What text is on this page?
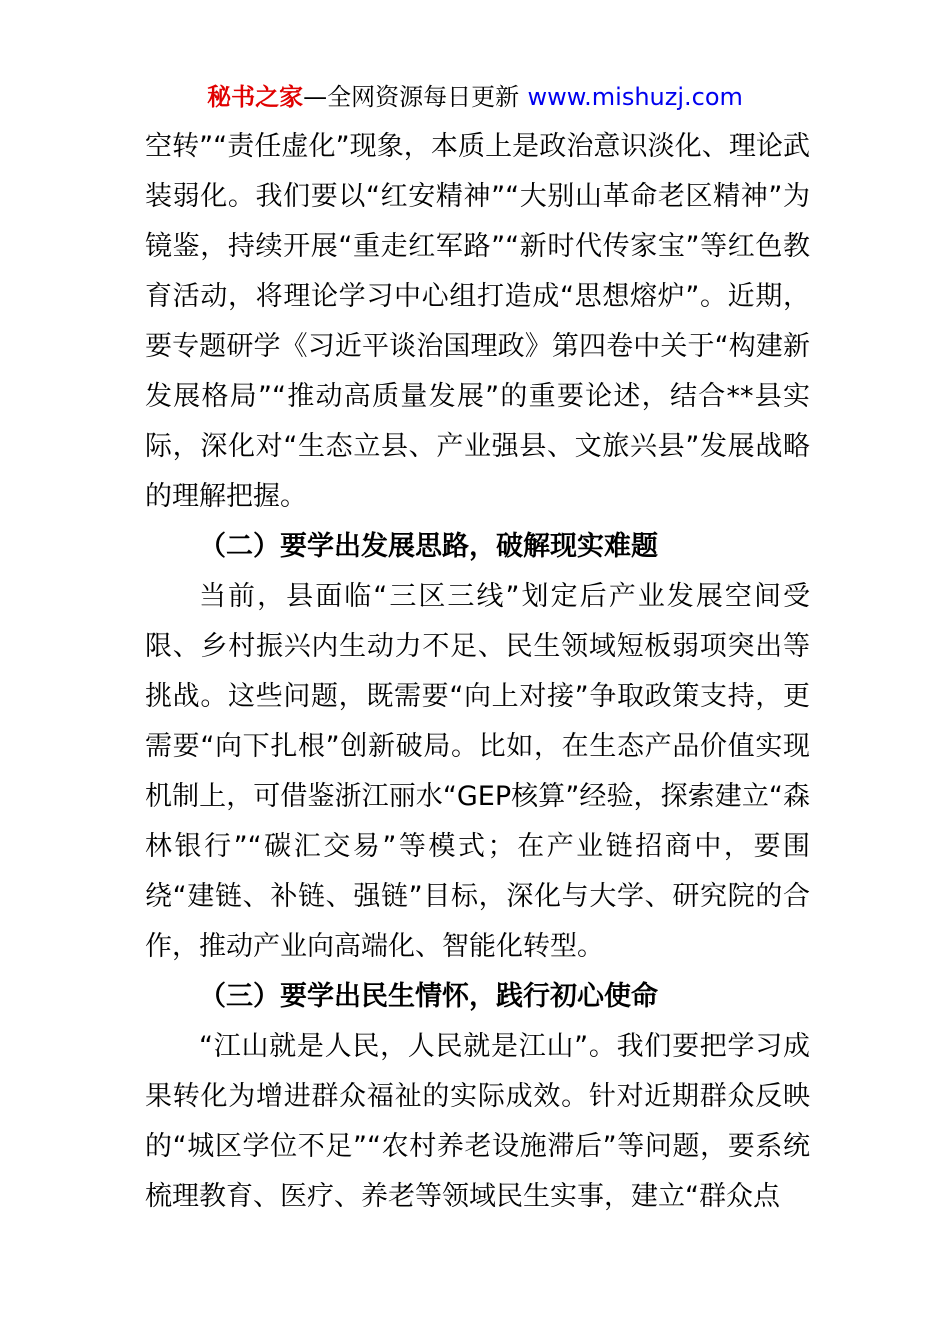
秘书之家—全网资源每日更新 www.mishuzj.com

空转”“责任虚化”现象，本质上是政治意识淡化、理论武装弱化。我们要以“红安精神”“大别山革命老区精神”为镜鉴，持续开展“重走红军路”“新时代传家宝”等红色教育活动，将理论学习中心组打造成“思想熔炉”。近期，要专题研学《习近平谈治国理政》第四卷中关于“构建新发展格局”“推动高质量发展”的重要论述，结合**县实际，深化对“生态立县、产业强县、文旅兴县”发展战略的理解把握。

（二）要学出发展思路，破解现实难题

当前，县面临“三区三线”划定后产业发展空间受限、乡村振兴内生动力不足、民生领域短板弱项突出等挑战。这些问题，既需要“向上对接”争取政策支持，更需要“向下扎根”创新破局。比如，在生态产品价值实现机制上，可借鉴浙江丽水“GEP核算”经验，探索建立“森林银行”“碳汇交易”等模式；在产业链招商中，要围绕“建链、补链、强链”目标，深化与大学、研究院的合作，推动产业向高端化、智能化转型。

（三）要学出民生情怀，践行初心使命

“江山就是人民，人民就是江山”。我们要把学习成果转化为增进群众福祉的实际成效。针对近期群众反映的“城区学位不足”“农村养老设施滞后”等问题，要系统梳理教育、医疗、养老等领域民生实事，建立“群众点
